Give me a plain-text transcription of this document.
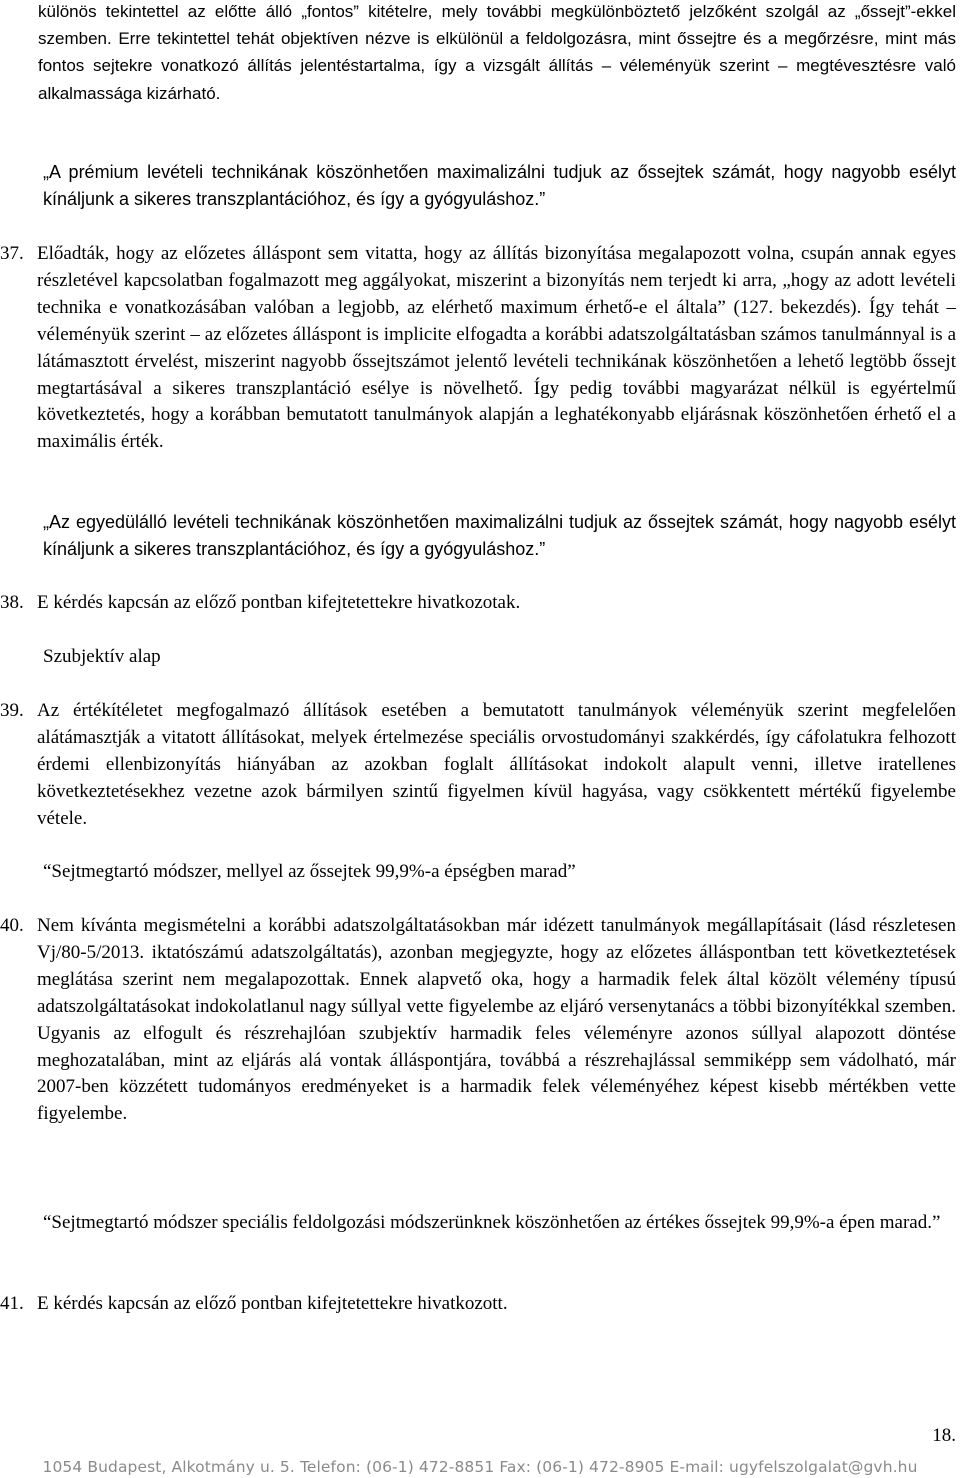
különös tekintettel az előtte álló „fontos” kitételre, mely további megkülönböztető jelzőként szolgál az „őssejt”-ekkel szemben. Erre tekintettel tehát objektíven nézve is elkülönül a feldolgozásra, mint őssejtre és a megőrzésre, mint más fontos sejtekre vonatkozó állítás jelentéstartalma, így a vizsgált állítás – véleményük szerint – megtévesztésre való alkalmassága kizárható.

„A prémium levételi technikának köszönhetően maximalizálni tudjuk az őssejtek számát, hogy nagyobb esélyt kínáljunk a sikeres transzplantációhoz, és így a gyógyuláshoz.”

37. Előadták, hogy az előzetes álláspont sem vitatta, hogy az állítás bizonyítása megalapozott volna, csupán annak egyes részletével kapcsolatban fogalmazott meg aggályokat, miszerint a bizonyítás nem terjedt ki arra, „hogy az adott levételi technika e vonatkozásában valóban a legjobb, az elérhető maximum érhető-e el általa” (127. bekezdés). Így tehát – véleményük szerint – az előzetes álláspont is implicite elfogadta a korábbi adatszolgáltatásban számos tanulmánnyal is a látámasztott érvelést, miszerint nagyobb őssejtszámot jelentő levételi technikának köszönhetően a lehető legtöbb őssejt megtartásával a sikeres transzplantáció esélye is növelhető. Így pedig további magyarázat nélkül is egyértelmű következtetés, hogy a korábban bemutatott tanulmányok alapján a leghatékonyabb eljárásnak köszönhetően érhető el a maximális érték.

„Az egyedülálló levételi technikának köszönhetően maximalizálni tudjuk az őssejtek számát, hogy nagyobb esélyt kínáljunk a sikeres transzplantációhoz, és így a gyógyuláshoz.”

38. E kérdés kapcsán az előző pontban kifejtetettekre hivatkozotak.

Szubjektív alap

39. Az értékítéletet megfogalmazó állítások esetében a bemutatott tanulmányok véleményük szerint megfelelően alátámasztják a vitatott állításokat, melyek értelmezése speciális orvostudományi szakkérdés, így cáfolatukra felhozott érdemi ellenbizonyítás hiányában az azokban foglalt állításokat indokolt alapult venni, illetve iratellenes következtetésekhez vezetne azok bármilyen szintű figyelmen kívül hagyása, vagy csökkentett mértékű figyelembe vétele.

“Sejtmegtartó módszer, mellyel az őssejtek 99,9%-a épségben marad”

40. Nem kívánta megismételni a korábbi adatszolgáltatásokban már idézett tanulmányok megállapításait (lásd részletesen Vj/80-5/2013. iktatószámú adatszolgáltatás), azonban megjegyzte, hogy az előzetes álláspontban tett következtetések meglátása szerint nem megalapozottak. Ennek alapvető oka, hogy a harmadik felek által közölt vélemény típusú adatszolgáltatásokat indokolatlanul nagy súllyal vette figyelembe az eljáró versenytanács a többi bizonyítékkal szemben. Ugyanis az elfogult és részrehajlóan szubjektív harmadik feles véleményre azonos súllyal alapozott döntése meghozatalában, mint az eljárás alá vontak álláspontjára, továbbá a részrehajlással semmiképp sem vádolható, már 2007-ben közzétett tudományos eredményeket is a harmadik felek véleményéhez képest kisebb mértékben vette figyelembe.

“Sejtmegtartó módszer speciális feldolgozási módszerünknek köszönhetően az értékes őssejtek 99,9%-a épen marad.”

41. E kérdés kapcsán az előző pontban kifejtetettekre hivatkozott.

18.

1054 Budapest, Alkotmány u. 5. Telefon: (06-1) 472-8851 Fax: (06-1) 472-8905 E-mail: ugyfelszolgalat@gvh.hu
